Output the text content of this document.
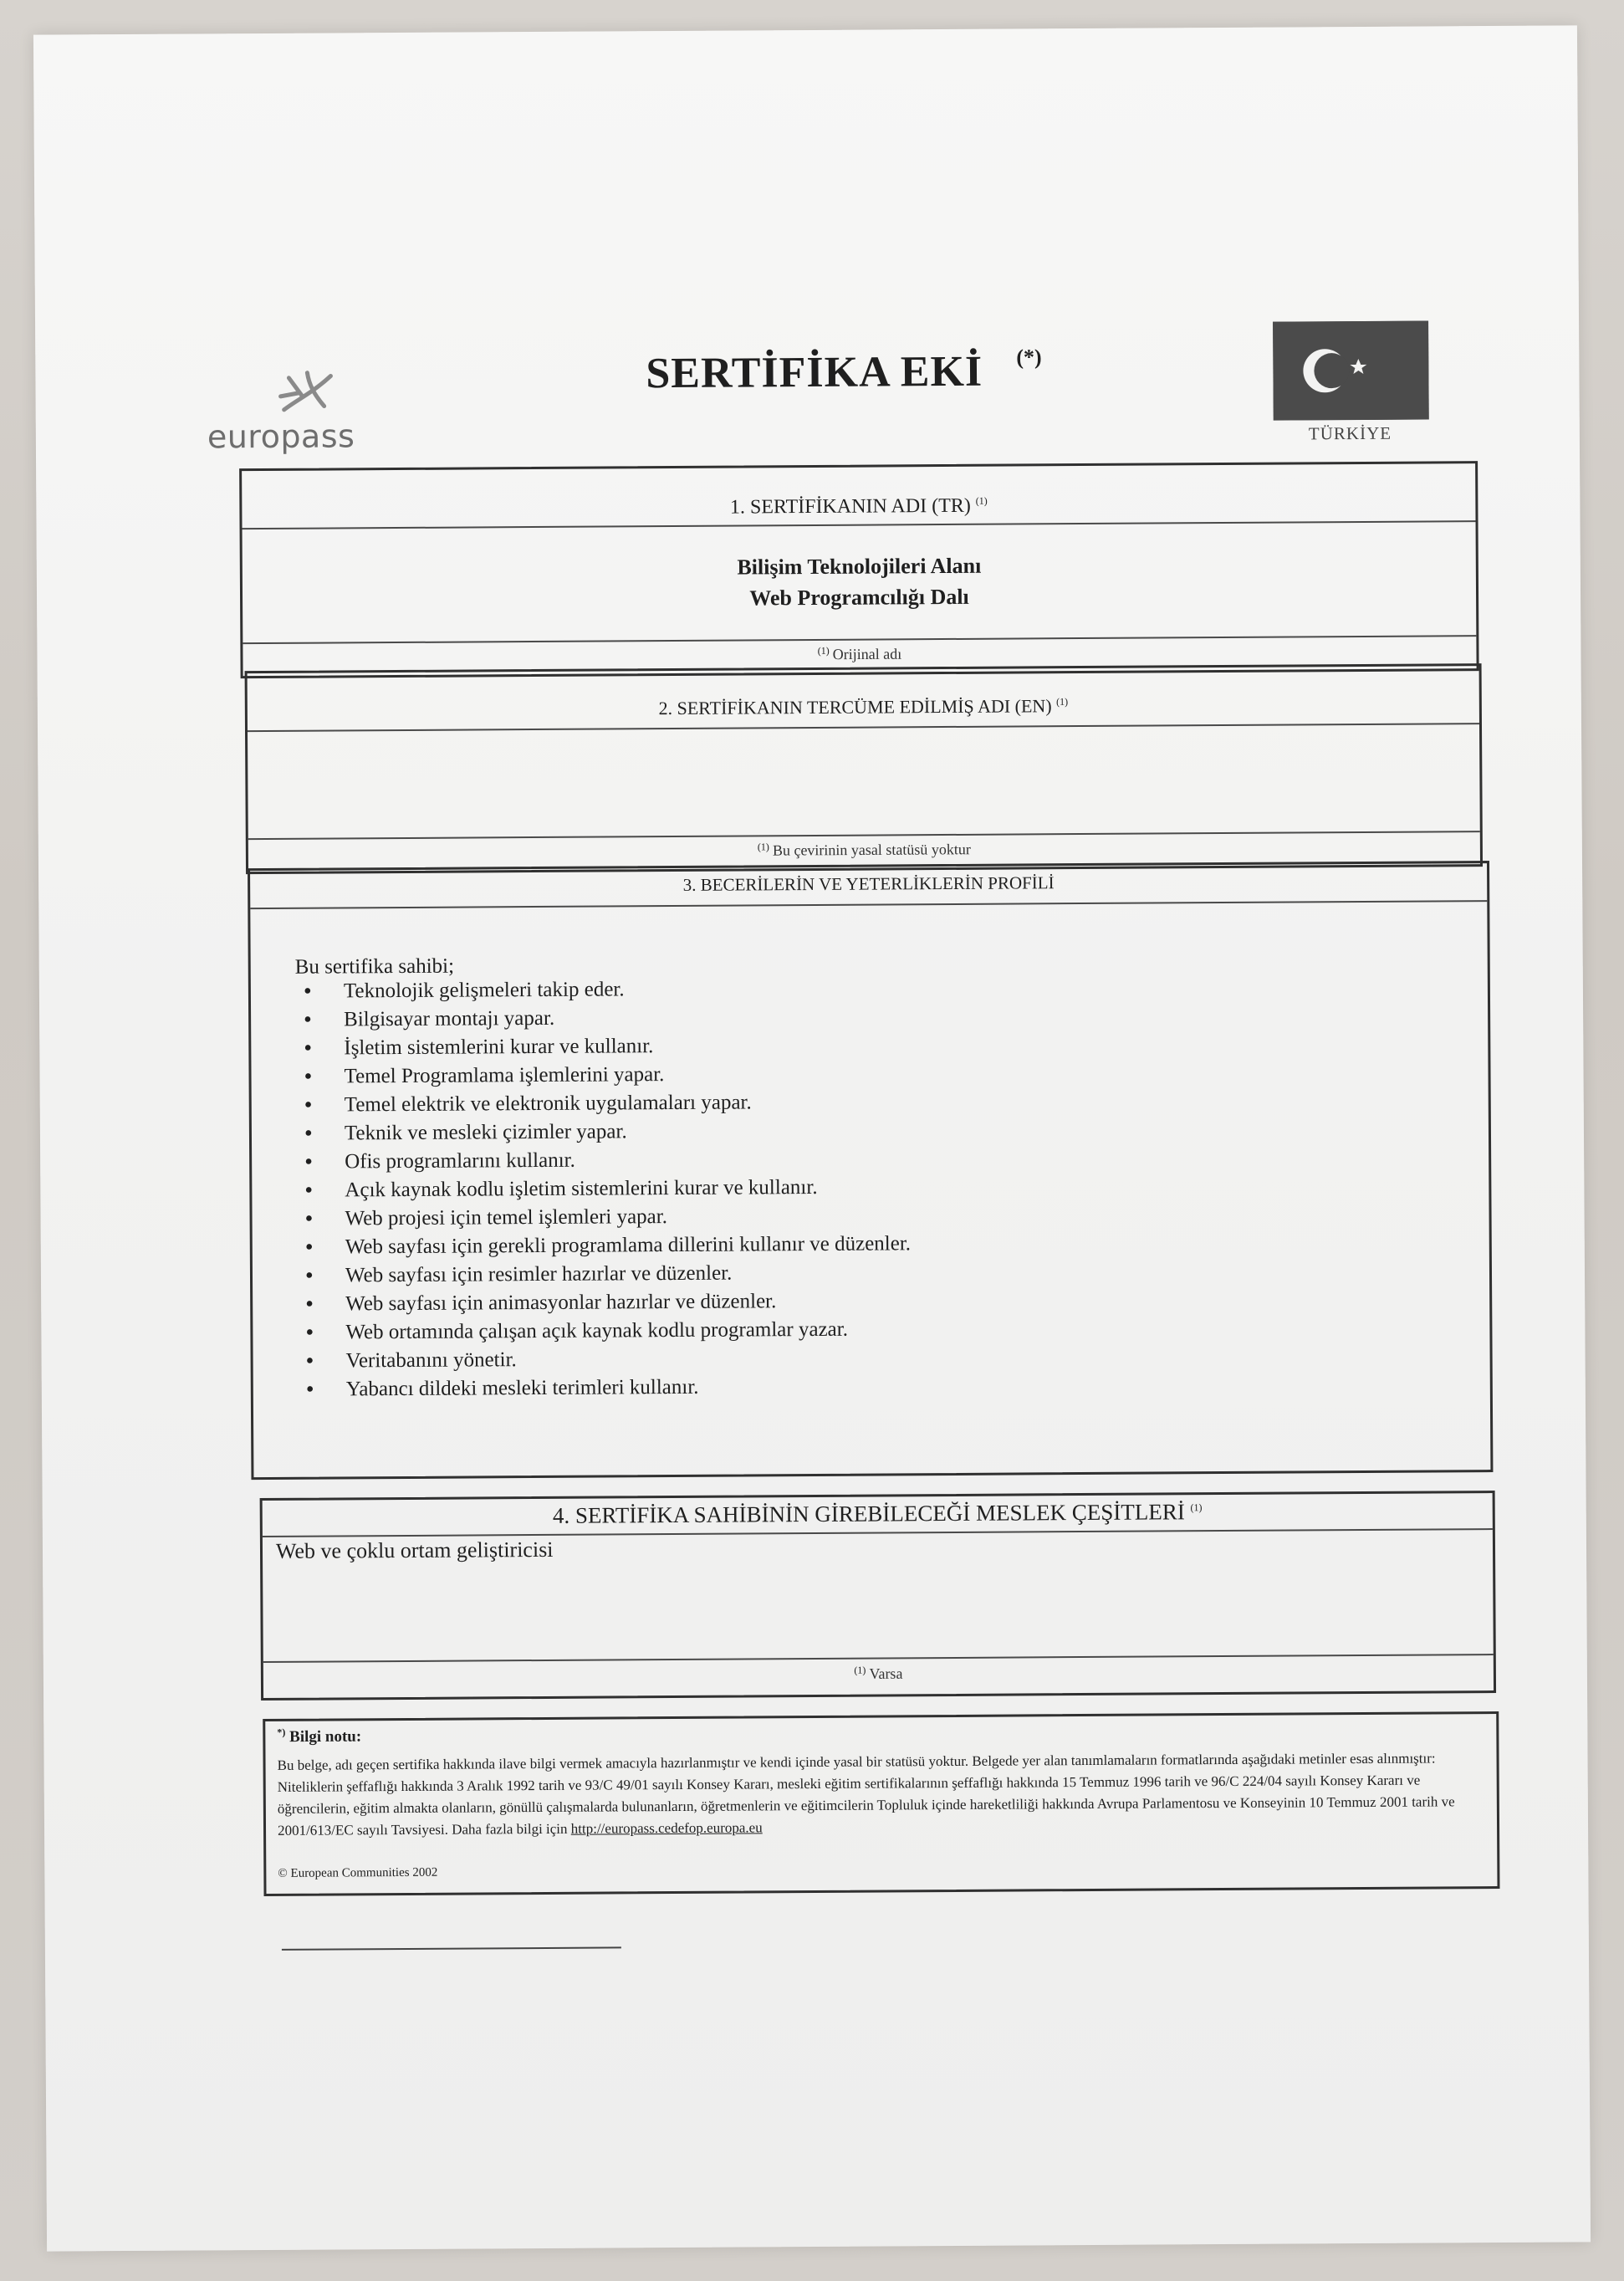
europass
SERTİFİKA EKİ (*)
TÜRKİYE
1. SERTİFİKANIN ADI (TR) $^{(1)}$
Bilişim Teknolojileri Alanı
Web Programcılığı Dalı
$^{(1)}$ Orijinal adı
2. SERTİFİKANIN TERCÜME EDİLMİŞ ADI (EN) $^{(1)}$
$^{(1)}$ Bu çevirinin yasal statüsü yoktur
3. BECERİLERİN VE YETERLİKLERİN PROFİLİ
Bu sertifika sahibi;
• Teknolojik gelişmeleri takip eder.
• Bilgisayar montajı yapar.
• İşletim sistemlerini kurar ve kullanır.
• Temel Programlama işlemlerini yapar.
• Temel elektrik ve elektronik uygulamaları yapar.
• Teknik ve mesleki çizimler yapar.
• Ofis programlarını kullanır.
• Açık kaynak kodlu işletim sistemlerini kurar ve kullanır.
• Web projesi için temel işlemleri yapar.
• Web sayfası için gerekli programlama dillerini kullanır ve düzenler.
• Web sayfası için resimler hazırlar ve düzenler.
• Web sayfası için animasyonlar hazırlar ve düzenler.
• Web ortamında çalışan açık kaynak kodlu programlar yazar.
• Veritabanını yönetir.
• Yabancı dildeki mesleki terimleri kullanır.
4. SERTİFİKA SAHİBİNİN GİREBİLECEĞİ MESLEK ÇEŞİTLERİ $^{(1)}$
Web ve çoklu ortam geliştiricisi
$^{(1)}$ Varsa
*) Bilgi notu:
Bu belge, adı geçen sertifika hakkında ilave bilgi vermek amacıyla hazırlanmıştır ve kendi içinde yasal bir statüsü yoktur. Belgede yer alan tanımlamaların formatlarında aşağıdaki metinler esas alınmıştır: Niteliklerin şeffaflığı hakkında 3 Aralık 1992 tarih ve 93/C 49/01 sayılı Konsey Kararı, mesleki eğitim sertifikalarının şeffaflığı hakkında 15 Temmuz 1996 tarih ve 96/C 224/04 sayılı Konsey Kararı ve öğrencilerin, eğitim almakta olanların, gönüllü çalışmalarda bulunanların, öğretmenlerin ve eğitimcilerin Topluluk içinde hareketliliği hakkında Avrupa Parlamentosu ve Konseyinin 10 Temmuz 2001 tarih ve 2001/613/EC sayılı Tavsiyesi. Daha fazla bilgi için http://europass.cedefop.europa.eu
© European Communities 2002
